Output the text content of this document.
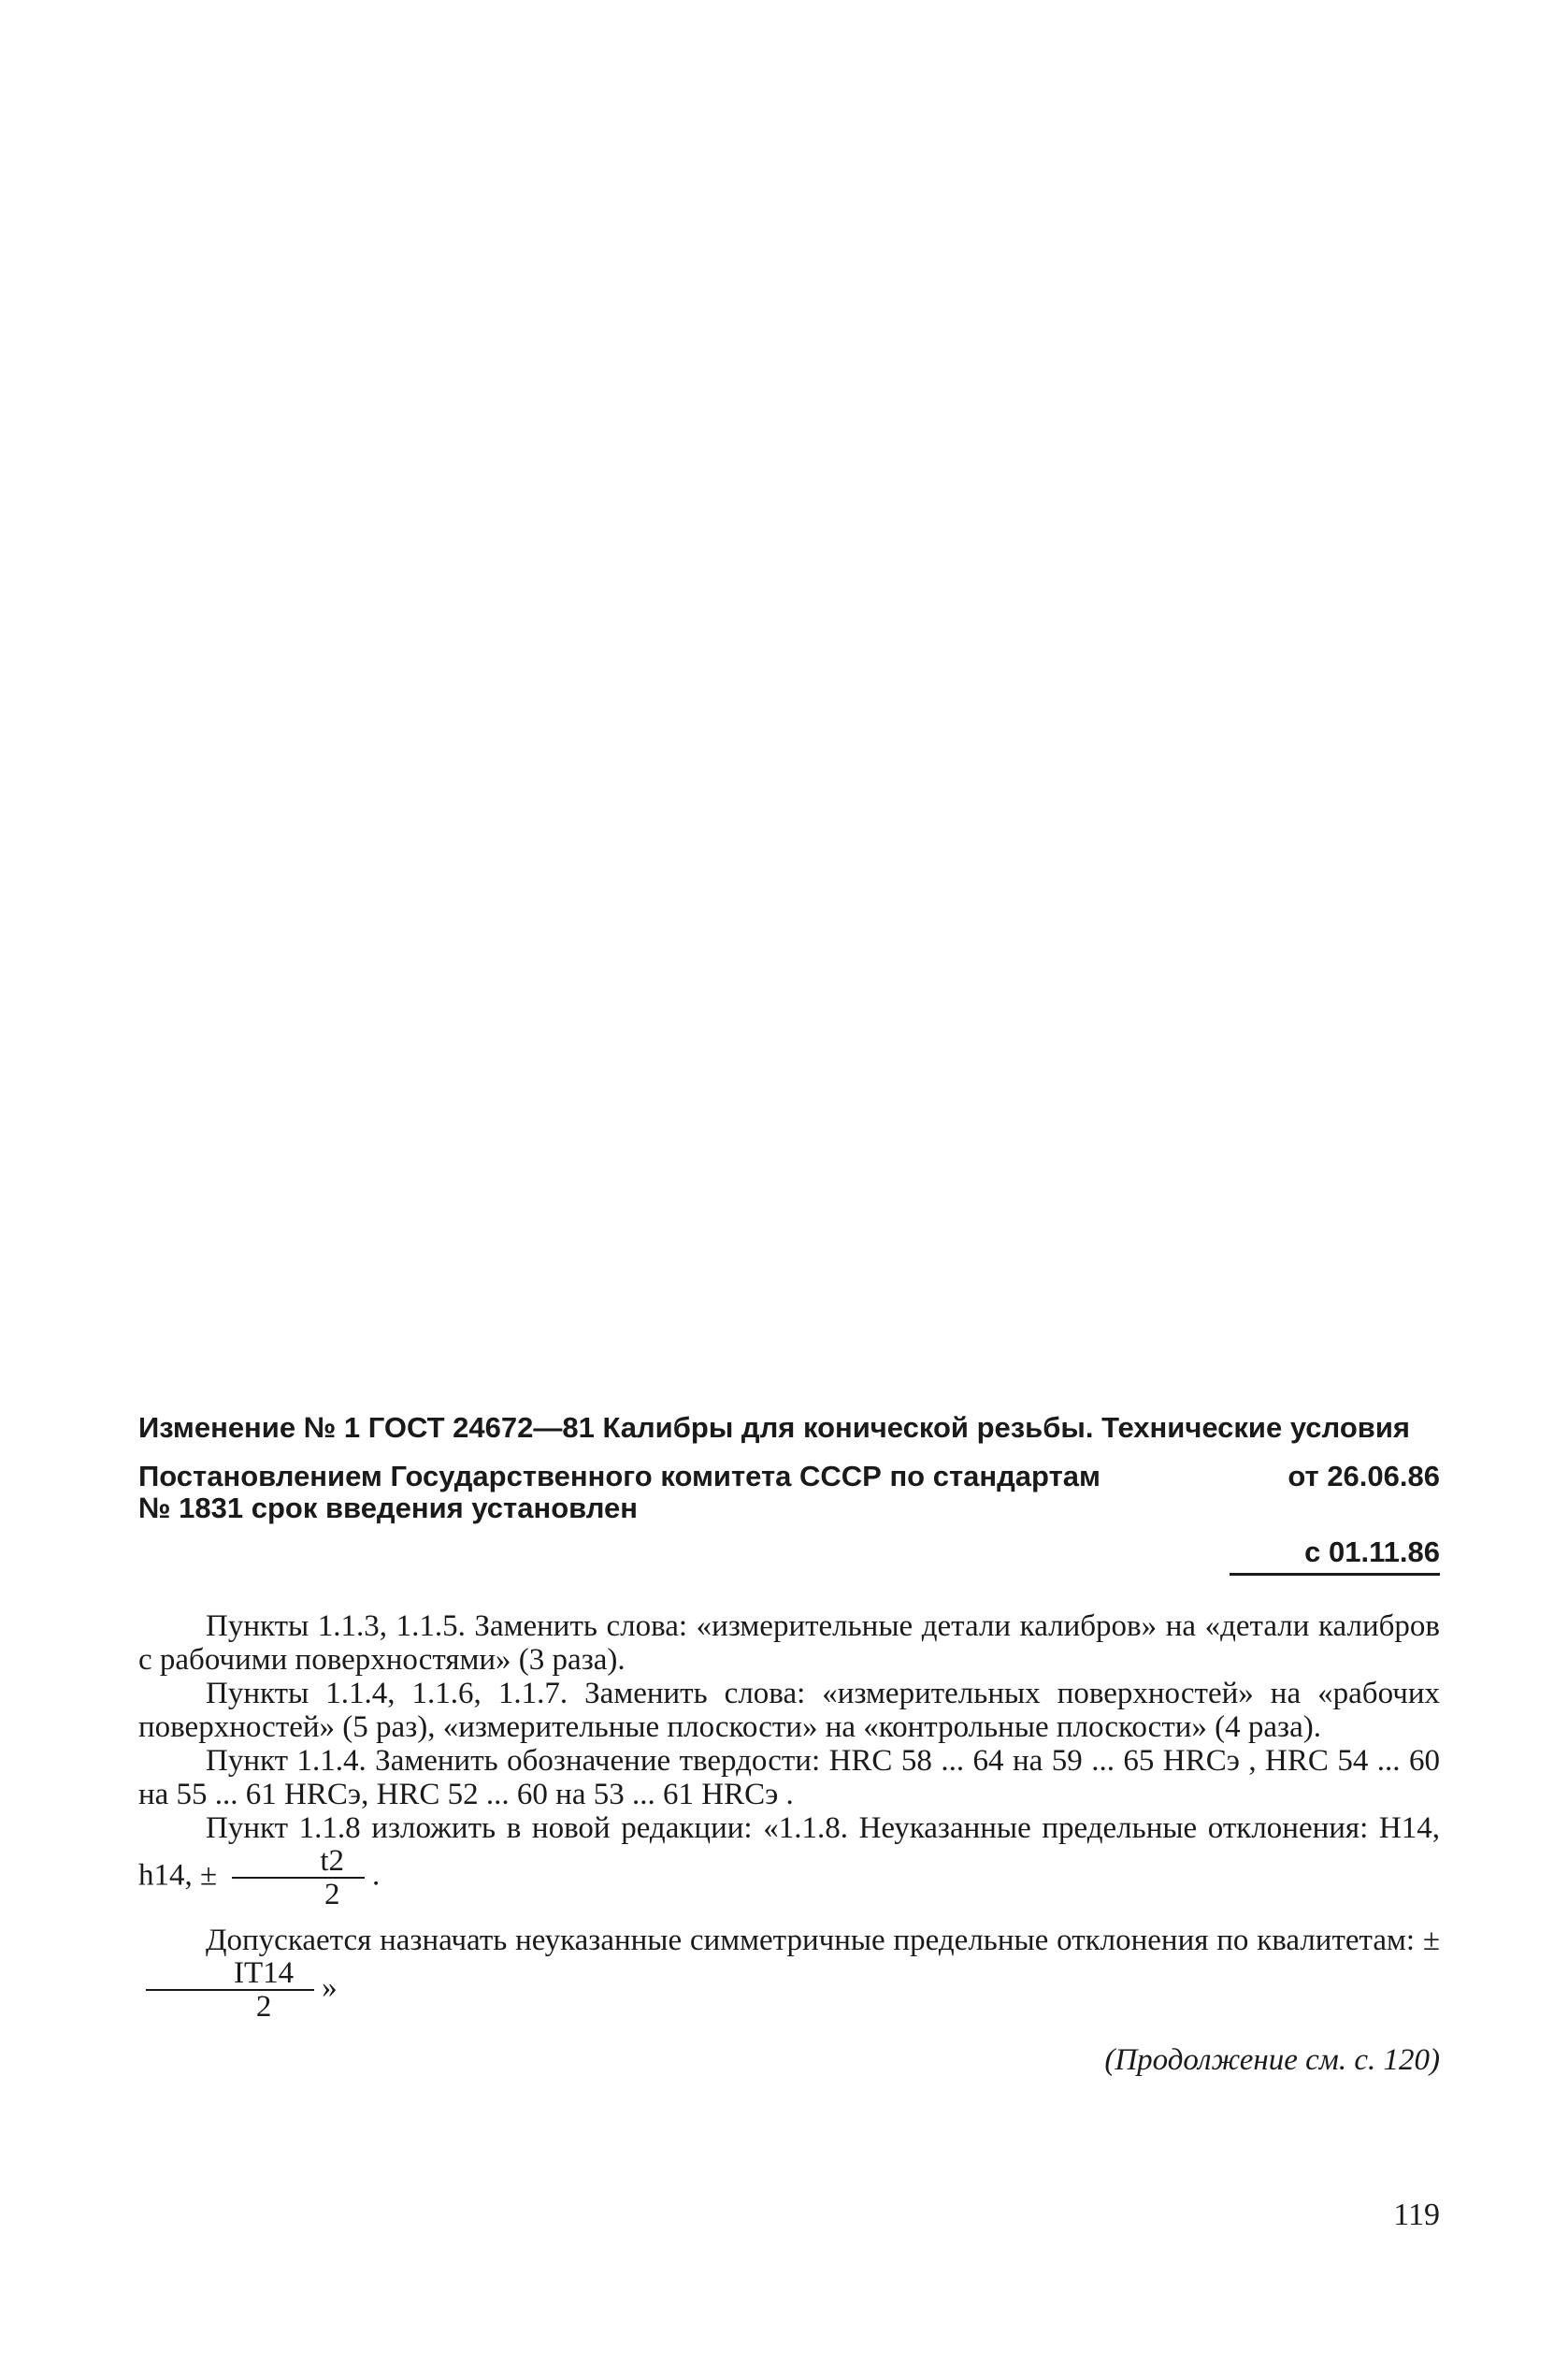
Изменение № 1 ГОСТ 24672—81 Калибры для конической резьбы. Технические условия

Постановлением Государственного комитета СССР по стандартам	от 26.06.86

№ 1831 срок введения установлен

с 01.11.86

Пункты 1.1.3, 1.1.5. Заменить слова: «измерительные детали калибров» на «детали калибров с рабочими поверхностями» (3 раза).

Пункты 1.1.4, 1.1.6, 1.1.7. Заменить слова: «измерительных поверхностей» на «рабочих поверхностей» (5 раз), «измерительные плоскости» на «контрольные плоскости» (4 раза).

Пункт 1.1.4. Заменить обозначение твердости: HRC 58 ... 64 на 59 ... 65 HRCэ , HRC 54 ... 60 на 55 ... 61 HRCэ, HRC 52 ... 60 на 53 ... 61 HRCэ .

Пункт 1.1.8 изложить в новой редакции: «1.1.8. Неуказанные предельные отклонения: H14, h14, ± $\frac{t2}{2}$ .

Допускается назначать неуказанные симметричные предельные отклонения по квалитетам: ±
$\frac{IT14}{2}$ »

(Продолжение см. с. 120)
119
